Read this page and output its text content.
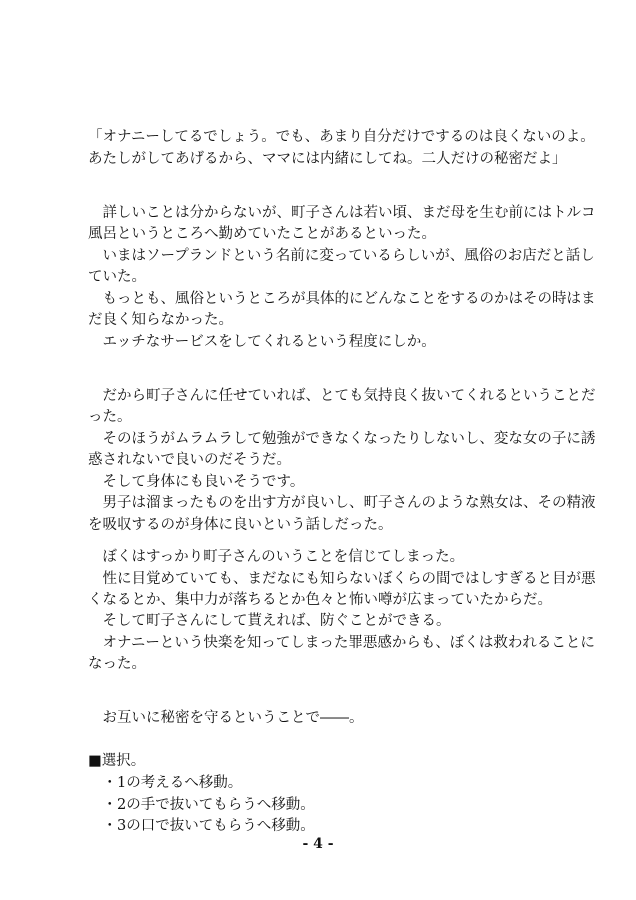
「オナニーしてるでしょう。でも、あまり自分だけでするのは良くないのよ。
あたしがしてあげるから、ママには内緒にしてね。二人だけの秘密だよ」
　詳しいことは分からないが、町子さんは若い頃、まだ母を生む前にはトルコ
風呂というところへ勤めていたことがあるといった。
　いまはソープランドという名前に変っているらしいが、風俗のお店だと話し
ていた。
　もっとも、風俗というところが具体的にどんなことをするのかはその時はま
だ良く知らなかった。
　エッチなサービスをしてくれるという程度にしか。
　だから町子さんに任せていれば、とても気持良く抜いてくれるということだ
った。
　そのほうがムラムラして勉強ができなくなったりしないし、変な女の子に誘
惑されないで良いのだそうだ。
　そして身体にも良いそうです。
　男子は溜まったものを出す方が良いし、町子さんのような熟女は、その精液
を吸収するのが身体に良いという話しだった。
　ぼくはすっかり町子さんのいうことを信じてしまった。
　性に目覚めていても、まだなにも知らないぼくらの間ではしすぎると目が悪
くなるとか、集中力が落ちるとか色々と怖い噂が広まっていたからだ。
　そして町子さんにして貰えれば、防ぐことができる。
　オナニーという快楽を知ってしまった罪悪感からも、ぼくは救われることに
なった。
　お互いに秘密を守るということで――。
■選択。
　・1の考えるへ移動。
　・2の手で抜いてもらうへ移動。
　・3の口で抜いてもらうへ移動。
- 4 -
